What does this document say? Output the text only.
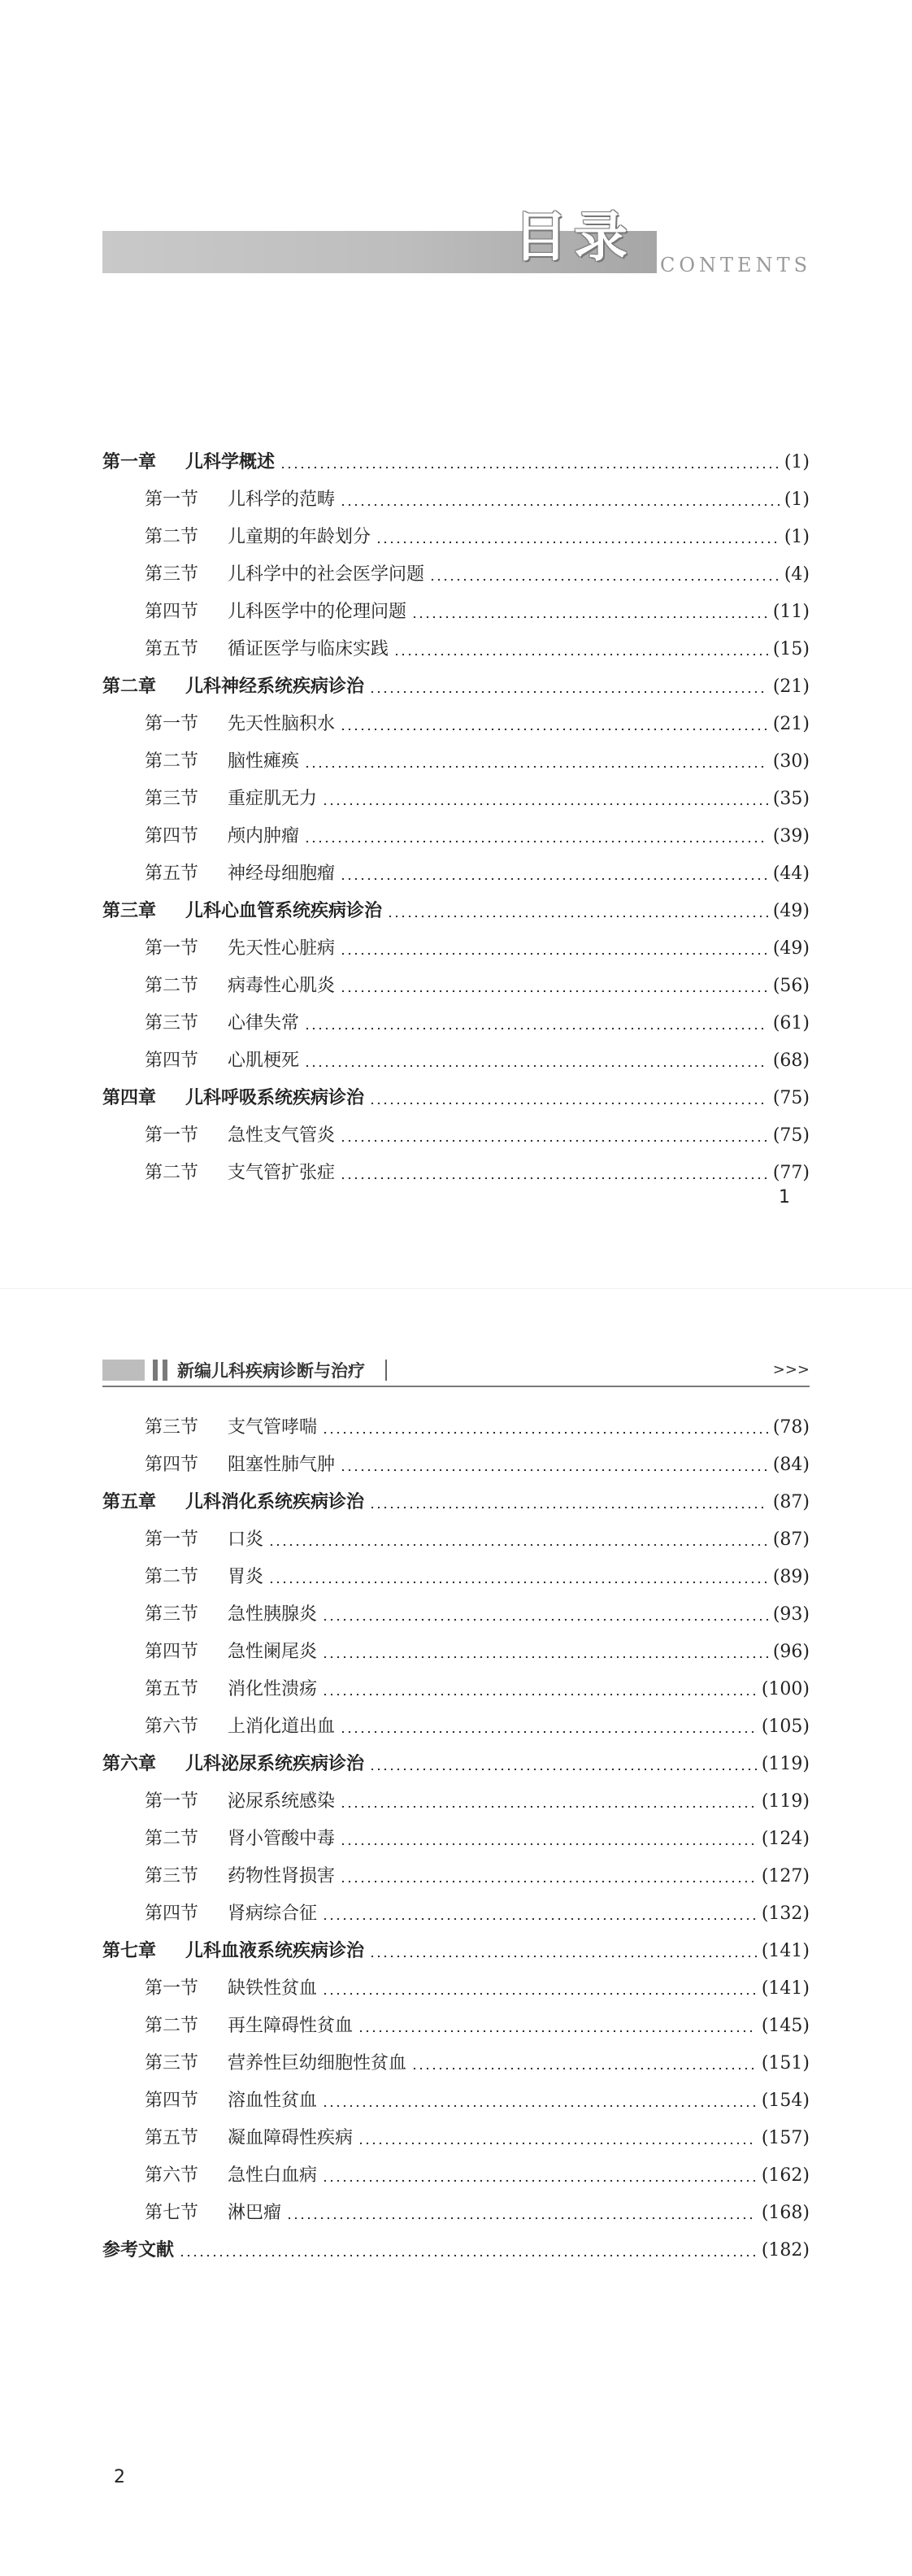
目录 CONTENTS
第一章	儿科学概述	(1)
第一节	儿科学的范畴	(1)
第二节	儿童期的年龄划分	(1)
第三节	儿科学中的社会医学问题	(4)
第四节	儿科医学中的伦理问题	(11)
第五节	循证医学与临床实践	(15)
第二章	儿科神经系统疾病诊治	(21)
第一节	先天性脑积水	(21)
第二节	脑性瘫痪	(30)
第三节	重症肌无力	(35)
第四节	颅内肿瘤	(39)
第五节	神经母细胞瘤	(44)
第三章	儿科心血管系统疾病诊治	(49)
第一节	先天性心脏病	(49)
第二节	病毒性心肌炎	(56)
第三节	心律失常	(61)
第四节	心肌梗死	(68)
第四章	儿科呼吸系统疾病诊治	(75)
第一节	急性支气管炎	(75)
第二节	支气管扩张症	(77)
1
新编儿科疾病诊断与治疗	>>>
第三节	支气管哮喘	(78)
第四节	阻塞性肺气肿	(84)
第五章	儿科消化系统疾病诊治	(87)
第一节	口炎	(87)
第二节	胃炎	(89)
第三节	急性胰腺炎	(93)
第四节	急性阑尾炎	(96)
第五节	消化性溃疡	(100)
第六节	上消化道出血	(105)
第六章	儿科泌尿系统疾病诊治	(119)
第一节	泌尿系统感染	(119)
第二节	肾小管酸中毒	(124)
第三节	药物性肾损害	(127)
第四节	肾病综合征	(132)
第七章	儿科血液系统疾病诊治	(141)
第一节	缺铁性贫血	(141)
第二节	再生障碍性贫血	(145)
第三节	营养性巨幼细胞性贫血	(151)
第四节	溶血性贫血	(154)
第五节	凝血障碍性疾病	(157)
第六节	急性白血病	(162)
第七节	淋巴瘤	(168)
参考文献	(182)
2
